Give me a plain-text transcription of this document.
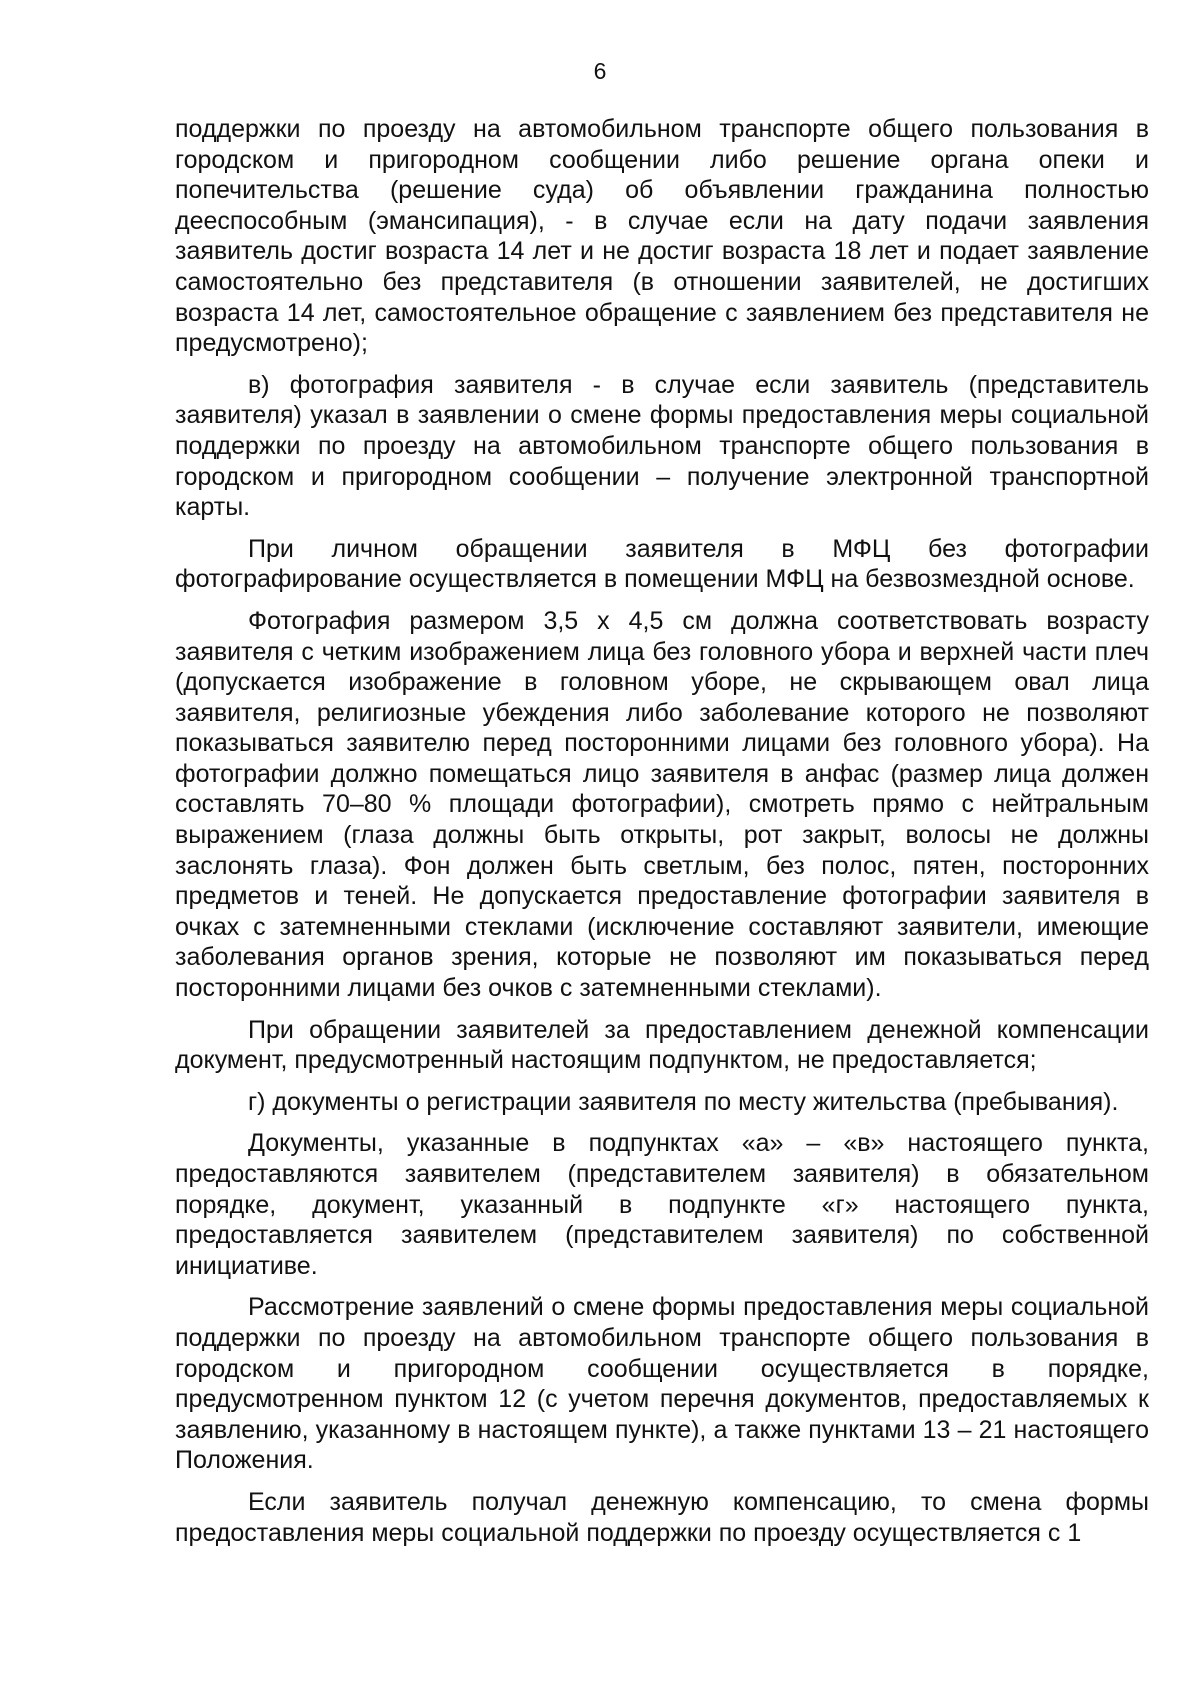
6

поддержки по проезду на автомобильном транспорте общего пользования в городском и пригородном сообщении либо решение органа опеки и попечительства (решение суда) об объявлении гражданина полностью дееспособным (эмансипация), - в случае если на дату подачи заявления заявитель достиг возраста 14 лет и не достиг возраста 18 лет и подает заявление самостоятельно без представителя (в отношении заявителей, не достигших возраста 14 лет, самостоятельное обращение с заявлением без представителя не предусмотрено);

в) фотография заявителя - в случае если заявитель (представитель заявителя) указал в заявлении о смене формы предоставления меры социальной поддержки по проезду на автомобильном транспорте общего пользования в городском и пригородном сообщении – получение электронной транспортной карты.

При личном обращении заявителя в МФЦ без фотографии фотографирование осуществляется в помещении МФЦ на безвозмездной основе.

Фотография размером 3,5 х 4,5 см должна соответствовать возрасту заявителя с четким изображением лица без головного убора и верхней части плеч (допускается изображение в головном уборе, не скрывающем овал лица заявителя, религиозные убеждения либо заболевание которого не позволяют показываться заявителю перед посторонними лицами без головного убора). На фотографии должно помещаться лицо заявителя в анфас (размер лица должен составлять 70–80 % площади фотографии), смотреть прямо с нейтральным выражением (глаза должны быть открыты, рот закрыт, волосы не должны заслонять глаза). Фон должен быть светлым, без полос, пятен, посторонних предметов и теней. Не допускается предоставление фотографии заявителя в очках с затемненными стеклами (исключение составляют заявители, имеющие заболевания органов зрения, которые не позволяют им показываться перед посторонними лицами без очков с затемненными стеклами).

При обращении заявителей за предоставлением денежной компенсации документ, предусмотренный настоящим подпунктом, не предоставляется;

г) документы о регистрации заявителя по месту жительства (пребывания).

Документы, указанные в подпунктах «а» – «в» настоящего пункта, предоставляются заявителем (представителем заявителя) в обязательном порядке, документ, указанный в подпункте «г» настоящего пункта, предоставляется заявителем (представителем заявителя) по собственной инициативе.

Рассмотрение заявлений о смене формы предоставления меры социальной поддержки по проезду на автомобильном транспорте общего пользования в городском и пригородном сообщении осуществляется в порядке, предусмотренном пунктом 12 (с учетом перечня документов, предоставляемых к заявлению, указанному в настоящем пункте), а также пунктами 13 – 21 настоящего Положения.

Если заявитель получал денежную компенсацию, то смена формы предоставления меры социальной поддержки по проезду осуществляется с 1
